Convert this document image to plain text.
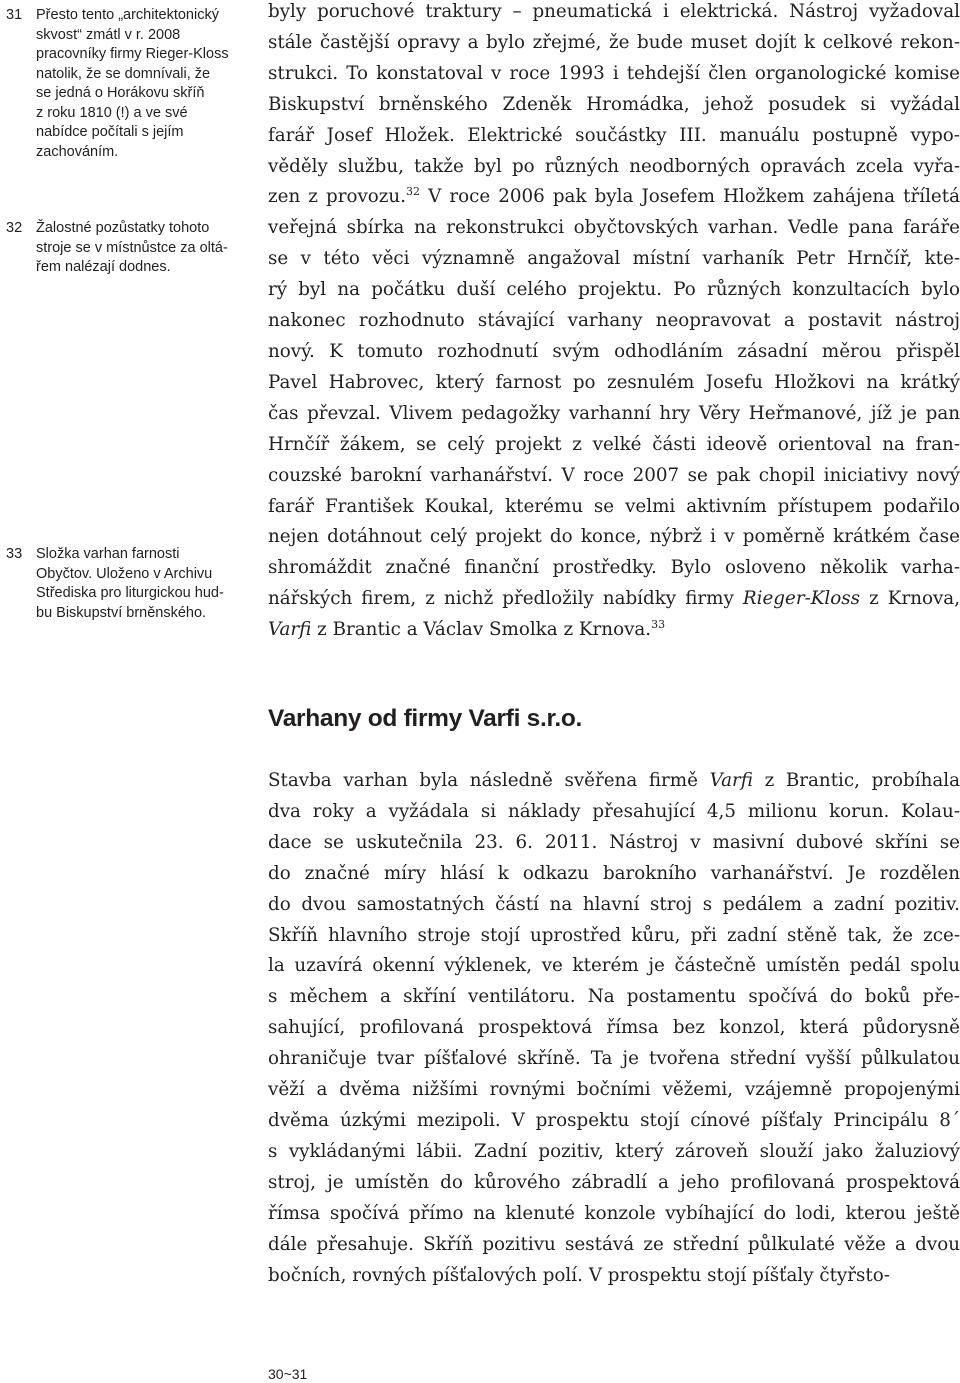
31 Přesto tento „architektonický
skvost“ zmátl v r. 2008
pracovníky firmy Rieger-Kloss
natolik, že se domnívali, že
se jedná o Horákovu skříň
z roku 1810 (!) a ve své
nabídce počítali s jejím
zachováním.
32 Žalostné pozůstatky tohoto
stroje se v místnůstce za oltá-
řem nalézají dodnes.
33 Složka varhan farnosti
Obyčtov. Uloženo v Archivu
Střediska pro liturgickou hud-
bu Biskupství brněnského.
byly poruchové traktury – pneumatická i elektrická. Nástroj vyžadoval
stále častější opravy a bylo zřejmé, že bude muset dojít k celkové rekon-
strukci. To konstatoval v roce 1993 i tehdejší člen organologické komise
Biskupství brněnského Zdeněk Hromádka, jehož posudek si vyžádal
farář Josef Hložek. Elektrické součástky III. manuálu postupně vypo-
věděly službu, takže byl po různých neodborných opravách zcela vyřa-
zen z provozu.$^{32}$ V roce 2006 pak byla Josefem Hložkem zahájena tříletá
veřejná sbírka na rekonstrukci obyčtovských varhan. Vedle pana faráře
se v této věci významně angažoval místní varhaník Petr Hrnčíř, kte-
rý byl na počátku duší celého projektu. Po různých konzultacích bylo
nakonec rozhodnuto stávající varhany neopravovat a postavit nástroj
nový. K tomuto rozhodnutí svým odhodláním zásadní měrou přispěl
Pavel Habrovec, který farnost po zesnulém Josefu Hložkovi na krátký
čas převzal. Vlivem pedagožky varhanní hry Věry Heřmanové, jíž je pan
Hrnčíř žákem, se celý projekt z velké části ideově orientoval na fran-
couzské barokní varhanářství. V roce 2007 se pak chopil iniciativy nový
farář František Koukal, kterému se velmi aktivním přístupem podařilo
nejen dotáhnout celý projekt do konce, nýbrž i v poměrně krátkém čase
shromáždit značné finanční prostředky. Bylo osloveno několik varha-
nářských firem, z nichž předložily nabídky firmy Rieger-Kloss z Krnova,
Varfi z Brantic a Václav Smolka z Krnova.$^{33}$
Varhany od firmy Varfi s.r.o.
Stavba varhan byla následně svěřena firmě Varfi z Brantic, probíhala
dva roky a vyžádala si náklady přesahující 4,5 milionu korun. Kolau-
dace se uskutečnila 23. 6. 2011. Nástroj v masivní dubové skříni se
do značné míry hlásí k odkazu barokního varhanářství. Je rozdělen
do dvou samostatných částí na hlavní stroj s pedálem a zadní pozitiv.
Skříň hlavního stroje stojí uprostřed kůru, při zadní stěně tak, že zce-
la uzavírá okenní výklenek, ve kterém je částečně umístěn pedál spolu
s měchem a skříní ventilátoru. Na postamentu spočívá do boků pře-
sahující, profilovaná prospektová římsa bez konzol, která půdorysně
ohraničuje tvar píšťalové skříně. Ta je tvořena střední vyšší půlkulatou
věží a dvěma nižšími rovnými bočními věžemi, vzájemně propojenými
dvěma úzkými mezipoli. V prospektu stojí cínové píšťaly Principálu 8´
s vykládanými lábii. Zadní pozitiv, který zároveň slouží jako žaluziový
stroj, je umístěn do kůrového zábradlí a jeho profilovaná prospektová
římsa spočívá přímo na klenuté konzole vybíhající do lodi, kterou ještě
dále přesahuje. Skříň pozitivu sestává ze střední půlkulaté věže a dvou
bočních, rovných píšťalových polí. V prospektu stojí píšťaly čtyřsto-
30~31
